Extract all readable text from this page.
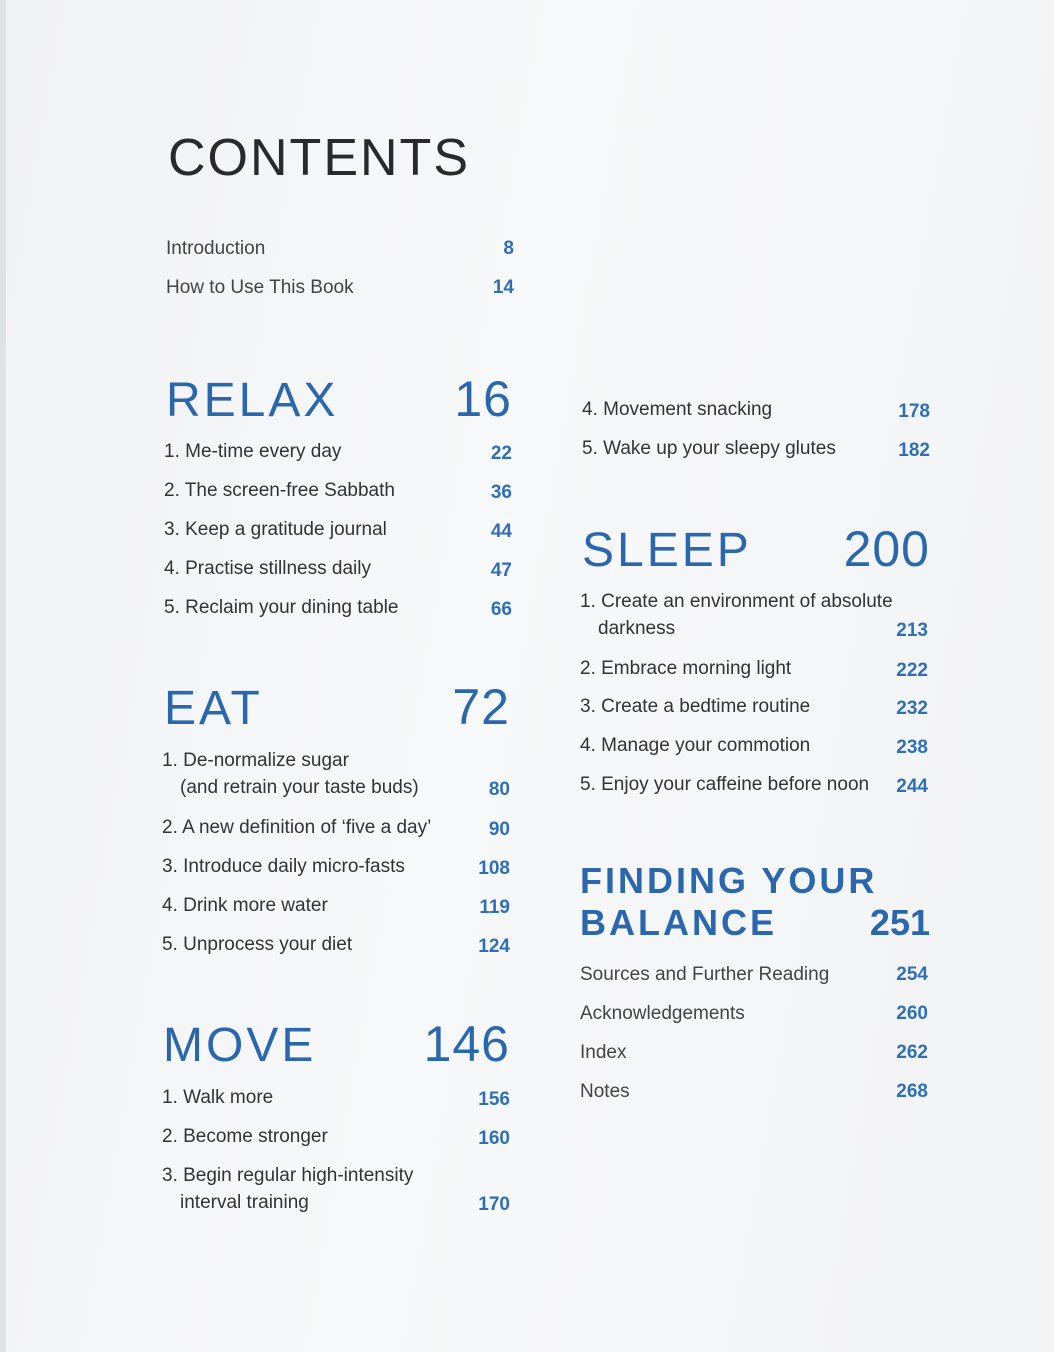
CONTENTS
Introduction	8
How to Use This Book	14
RELAX 16
1. Me-time every day	22
2. The screen-free Sabbath	36
3. Keep a gratitude journal	44
4. Practise stillness daily	47
5. Reclaim your dining table	66
EAT	72
1. De-normalize sugar
(and retrain your taste buds)	80
2. A new definition of ‘five a day’	90
3. Introduce daily micro-fasts	108
4. Drink more water	119
5. Unprocess your diet	124
MOVE 146
1. Walk more	156
2. Become stronger	160
3. Begin regular high-intensity
interval training	170
4. Movement snacking	178
5. Wake up your sleepy glutes	182
SLEEP 200
1. Create an environment of absolute
darkness	213
2. Embrace morning light	222
3. Create a bedtime routine	232
4. Manage your commotion	238
5. Enjoy your caffeine before noon 244
FINDING YOUR
BALANCE	251
Sources and Further Reading	254
Acknowledgements	260
Index	262
Notes	268
